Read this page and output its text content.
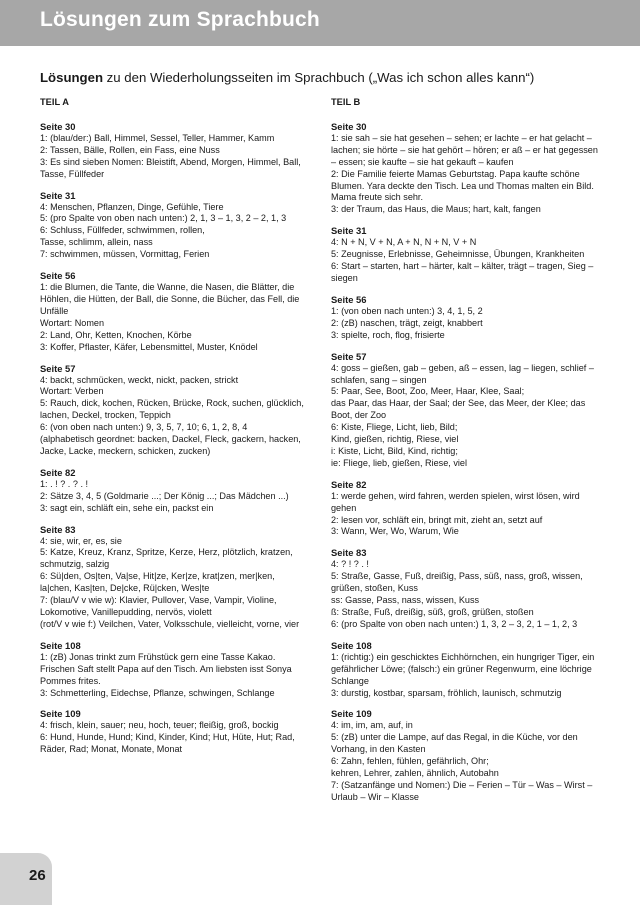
Lösungen zum Sprachbuch
Lösungen zu den Wiederholungsseiten im Sprachbuch („Was ich schon alles kann“)
TEIL A
Seite 30
1: (blau/der:) Ball, Himmel, Sessel, Teller, Hammer, Kamm
2: Tassen, Bälle, Rollen, ein Fass, eine Nuss
3: Es sind sieben Nomen: Bleistift, Abend, Morgen, Himmel, Ball, Tasse, Füllfeder
Seite 31
4: Menschen, Pflanzen, Dinge, Gefühle, Tiere
5: (pro Spalte von oben nach unten:) 2, 1, 3 – 1, 3, 2 – 2, 1, 3
6: Schluss, Füllfeder, schwimmen, rollen,
Tasse, schlimm, allein, nass
7: schwimmen, müssen, Vormittag, Ferien
Seite 56
1: die Blumen, die Tante, die Wanne, die Nasen, die Blätter, die Höhlen, die Hütten, der Ball, die Sonne, die Bücher, das Fell, die Unfälle
Wortart: Nomen
2: Land, Ohr, Ketten, Knochen, Körbe
3: Koffer, Pflaster, Käfer, Lebensmittel, Muster, Knödel
Seite 57
4: backt, schmücken, weckt, nickt, packen, strickt
Wortart: Verben
5: Rauch, dick, kochen, Rücken, Brücke, Rock, suchen, glücklich, lachen, Deckel, trocken, Teppich
6: (von oben nach unten:) 9, 3, 5, 7, 10; 6, 1, 2, 8, 4
(alphabetisch geordnet: backen, Dackel, Fleck, gackern, hacken, Jacke, Lacke, meckern, schicken, zucken)
Seite 82
1: . ! ? . ? . !
2: Sätze 3, 4, 5 (Goldmarie ...; Der König ...; Das Mädchen ...)
3: sagt ein, schläft ein, sehe ein, packst ein
Seite 83
4: sie, wir, er, es, sie
5: Katze, Kreuz, Kranz, Spritze, Kerze, Herz, plötzlich, kratzen, schmutzig, salzig
6: Sü|den, Os|ten, Va|se, Hit|ze, Ker|ze, krat|zen, mer|ken, la|chen, Kas|ten, De|cke, Rü|cken, Wes|te
7: (blau/V v wie w): Klavier, Pullover, Vase, Vampir, Violine, Lokomotive, Vanillepudding, nervös, violett
(rot/V v wie f:) Veilchen, Vater, Volksschule, vielleicht, vorne, vier
Seite 108
1: (zB) Jonas trinkt zum Frühstück gern eine Tasse Kakao. Frischen Saft stellt Papa auf den Tisch. Am liebsten isst Sonya Pommes frites.
3: Schmetterling, Eidechse, Pflanze, schwingen, Schlange
Seite 109
4: frisch, klein, sauer; neu, hoch, teuer; fleißig, groß, bockig
6: Hund, Hunde, Hund; Kind, Kinder, Kind; Hut, Hüte, Hut; Rad, Räder, Rad; Monat, Monate, Monat
TEIL B
Seite 30
1: sie sah – sie hat gesehen – sehen; er lachte – er hat gelacht – lachen; sie hörte – sie hat gehört – hören; er aß – er hat gegessen – essen; sie kaufte – sie hat gekauft – kaufen
2: Die Familie feierte Mamas Geburtstag. Papa kaufte schöne Blumen. Yara deckte den Tisch. Lea und Thomas malten ein Bild. Mama freute sich sehr.
3: der Traum, das Haus, die Maus; hart, kalt, fangen
Seite 31
4: N + N, V + N, A + N, N + N, V + N
5: Zeugnisse, Erlebnisse, Geheimnisse, Übungen, Krankheiten
6: Start – starten, hart – härter, kalt – kälter, trägt – tragen, Sieg – siegen
Seite 56
1: (von oben nach unten:) 3, 4, 1, 5, 2
2: (zB) naschen, trägt, zeigt, knabbert
3: spielte, roch, flog, frisierte
Seite 57
4: goss – gießen, gab – geben, aß – essen, lag – liegen, schlief – schlafen, sang – singen
5: Paar, See, Boot, Zoo, Meer, Haar, Klee, Saal;
das Paar, das Haar, der Saal; der See, das Meer, der Klee; das Boot, der Zoo
6: Kiste, Fliege, Licht, lieb, Bild;
Kind, gießen, richtig, Riese, viel
i: Kiste, Licht, Bild, Kind, richtig;
ie: Fliege, lieb, gießen, Riese, viel
Seite 82
1: werde gehen, wird fahren, werden spielen, wirst lösen, wird gehen
2: lesen vor, schläft ein, bringt mit, zieht an, setzt auf
3: Wann, Wer, Wo, Warum, Wie
Seite 83
4: ? ! ? . !
5: Straße, Gasse, Fuß, dreißig, Pass, süß, nass, groß, wissen, grüßen, stoßen, Kuss
ss: Gasse, Pass, nass, wissen, Kuss
ß: Straße, Fuß, dreißig, süß, groß, grüßen, stoßen
6: (pro Spalte von oben nach unten:) 1, 3, 2 – 3, 2, 1 – 1, 2, 3
Seite 108
1: (richtig:) ein geschicktes Eichhörnchen, ein hungriger Tiger, ein gefährlicher Löwe; (falsch:) ein grüner Regenwurm, eine löchrige Schlange
3: durstig, kostbar, sparsam, fröhlich, launisch, schmutzig
Seite 109
4: im, im, am, auf, in
5: (zB) unter die Lampe, auf das Regal, in die Küche, vor den Vorhang, in den Kasten
6: Zahn, fehlen, fühlen, gefährlich, Ohr;
kehren, Lehrer, zahlen, ähnlich, Autobahn
7: (Satzanfänge und Nomen:) Die – Ferien – Tür – Was – Wirst – Urlaub – Wir – Klasse
26
